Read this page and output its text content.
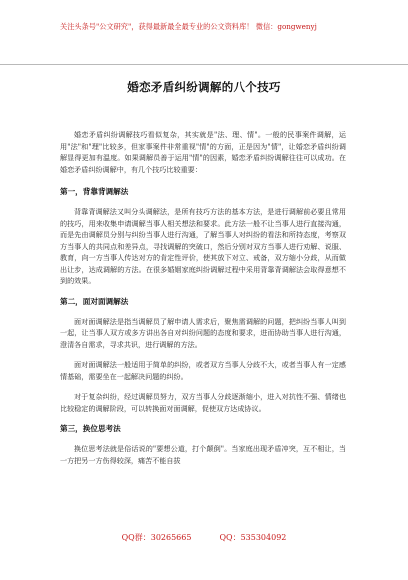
关注头条号"公文研究"，获得最新最全最专业的公文资料库！ 微信：gongwenyj
婚恋矛盾纠纷调解的八个技巧

婚恋矛盾纠纷调解技巧看似复杂，其实就是"法、理、情"。一般的民事案件调解，运用"法"和"理"比较多，但家事案件非常重视"情"的方面，正是因为"情"，让婚恋矛盾纠纷调解显得更加有温度。如果调解员善于运用"情"的因素，婚恋矛盾纠纷调解往往可以成功。在婚恋矛盾纠纷调解中，有几个技巧比较重要：

第一，背靠背调解法

背靠背调解法又叫分头调解法，是所有技巧方法的基本方法，是进行调解前必要且常用的技巧，用来收集申请调解当事人相关想法和要求。此方法一般不让当事人进行直接沟通，而是先由调解员分别与纠纷当事人进行沟通，了解当事人对纠纷的看法和所持态度，考察双方当事人的共同点和差异点，寻找调解的突破口，然后分别对双方当事人进行劝解、说服、教育，向一方当事人传达对方的肯定性评价，使其放下对立、戒备，双方缩小分歧，从而做出让步，达成调解的方法。在很多婚姻家庭纠纷调解过程中采用背靠背调解法会取得意想不到的效果。

第二，面对面调解法

面对面调解法是指当调解员了解申请人需求后，聚焦需调解的问题，把纠纷当事人叫到一起，让当事人双方或多方讲出各自对纠纷问题的态度和要求，进而协助当事人进行沟通，澄清各自需求，寻求共识，进行调解的方法。

面对面调解法一般适用于简单的纠纷，或者双方当事人分歧不大，或者当事人有一定感情基础，需要坐在一起解决问题的纠纷。

对于复杂纠纷，经过调解员努力，双方当事人分歧逐渐缩小，进入对抗性不强、情绪也比较稳定的调解阶段，可以转换面对面调解，促使双方达成协议。

第三，换位思考法

换位思考法就是俗话说的"要想公道，打个颠倒"。当家庭出现矛盾冲突，互不相让，当一方把另一方伤得较深，痛苦不能自拔

QQ群：30265665	QQ：535304092
